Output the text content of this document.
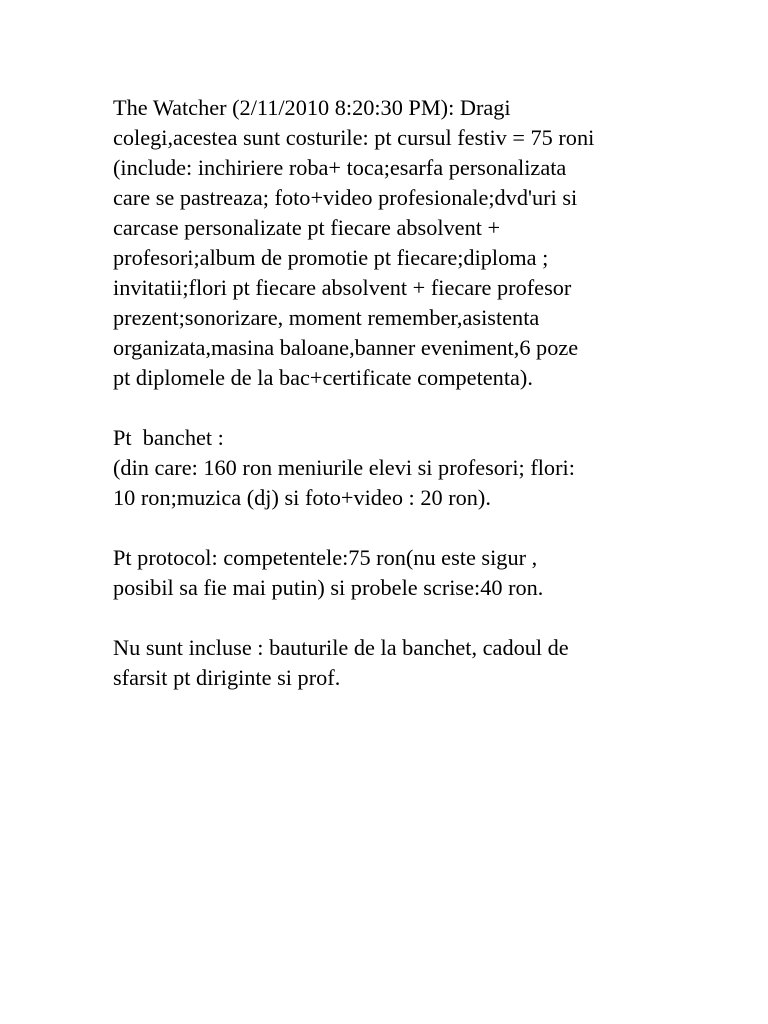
The Watcher (2/11/2010 8:20:30 PM): Dragi
colegi,acestea sunt costurile: pt cursul festiv = 75 roni
(include: inchiriere roba+ toca;esarfa personalizata
care se pastreaza; foto+video profesionale;dvd'uri si
carcase personalizate pt fiecare absolvent +
profesori;album de promotie pt fiecare;diploma ;
invitatii;flori pt fiecare absolvent + fiecare profesor
prezent;sonorizare, moment remember,asistenta
organizata,masina baloane,banner eveniment,6 poze
pt diplomele de la bac+certificate competenta).

Pt  banchet :
(din care: 160 ron meniurile elevi si profesori; flori:
10 ron;muzica (dj) si foto+video : 20 ron).

Pt protocol: competentele:75 ron(nu este sigur ,
posibil sa fie mai putin) si probele scrise:40 ron.

Nu sunt incluse : bauturile de la banchet, cadoul de
sfarsit pt diriginte si prof.
